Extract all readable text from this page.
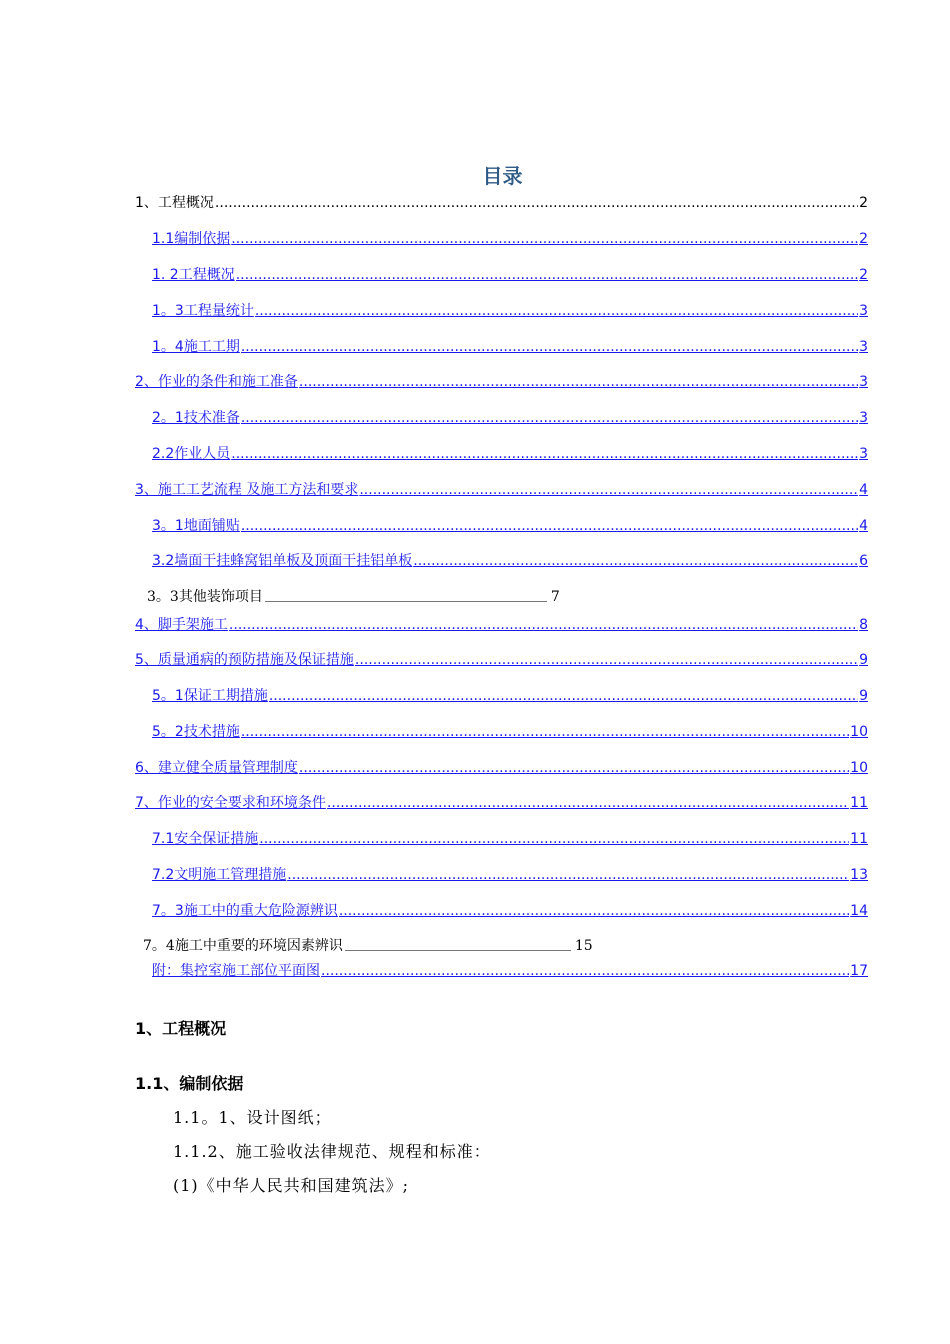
目录
1、工程概况 .....	2
1.1编制依据 .....	2
1. 2工程概况 .....	2
1。3工程量统计 .....	3
1。4施工工期 .....	3
2、作业的条件和施工准备 .....	3
2。1技术准备 .....	3
2.2作业人员 .....	3
3、施工工艺流程 及施工方法和要求 .....	4
3。1地面铺贴 .....	4
3.2墙面干挂蜂窝铝单板及顶面干挂铝单板 .....	6
3。3其他装饰项目	7
4、脚手架施工 .....	8
5、质量通病的预防措施及保证措施 .....	9
5。1保证工期措施 .....	9
5。2技术措施 .....	10
6、建立健全质量管理制度 .....	10
7、作业的安全要求和环境条件 .....	11
7.1安全保证措施 .....	11
7.2文明施工管理措施 .....	13
7。3施工中的重大危险源辨识 .....	14
7。4施工中重要的环境因素辨识	15
附：集控室施工部位平面图 .....	17
1、工程概况
1.1、编制依据
1.1。1、设计图纸；
1.1.2、施工验收法律规范、规程和标准：
(1)《中华人民共和国建筑法》;
